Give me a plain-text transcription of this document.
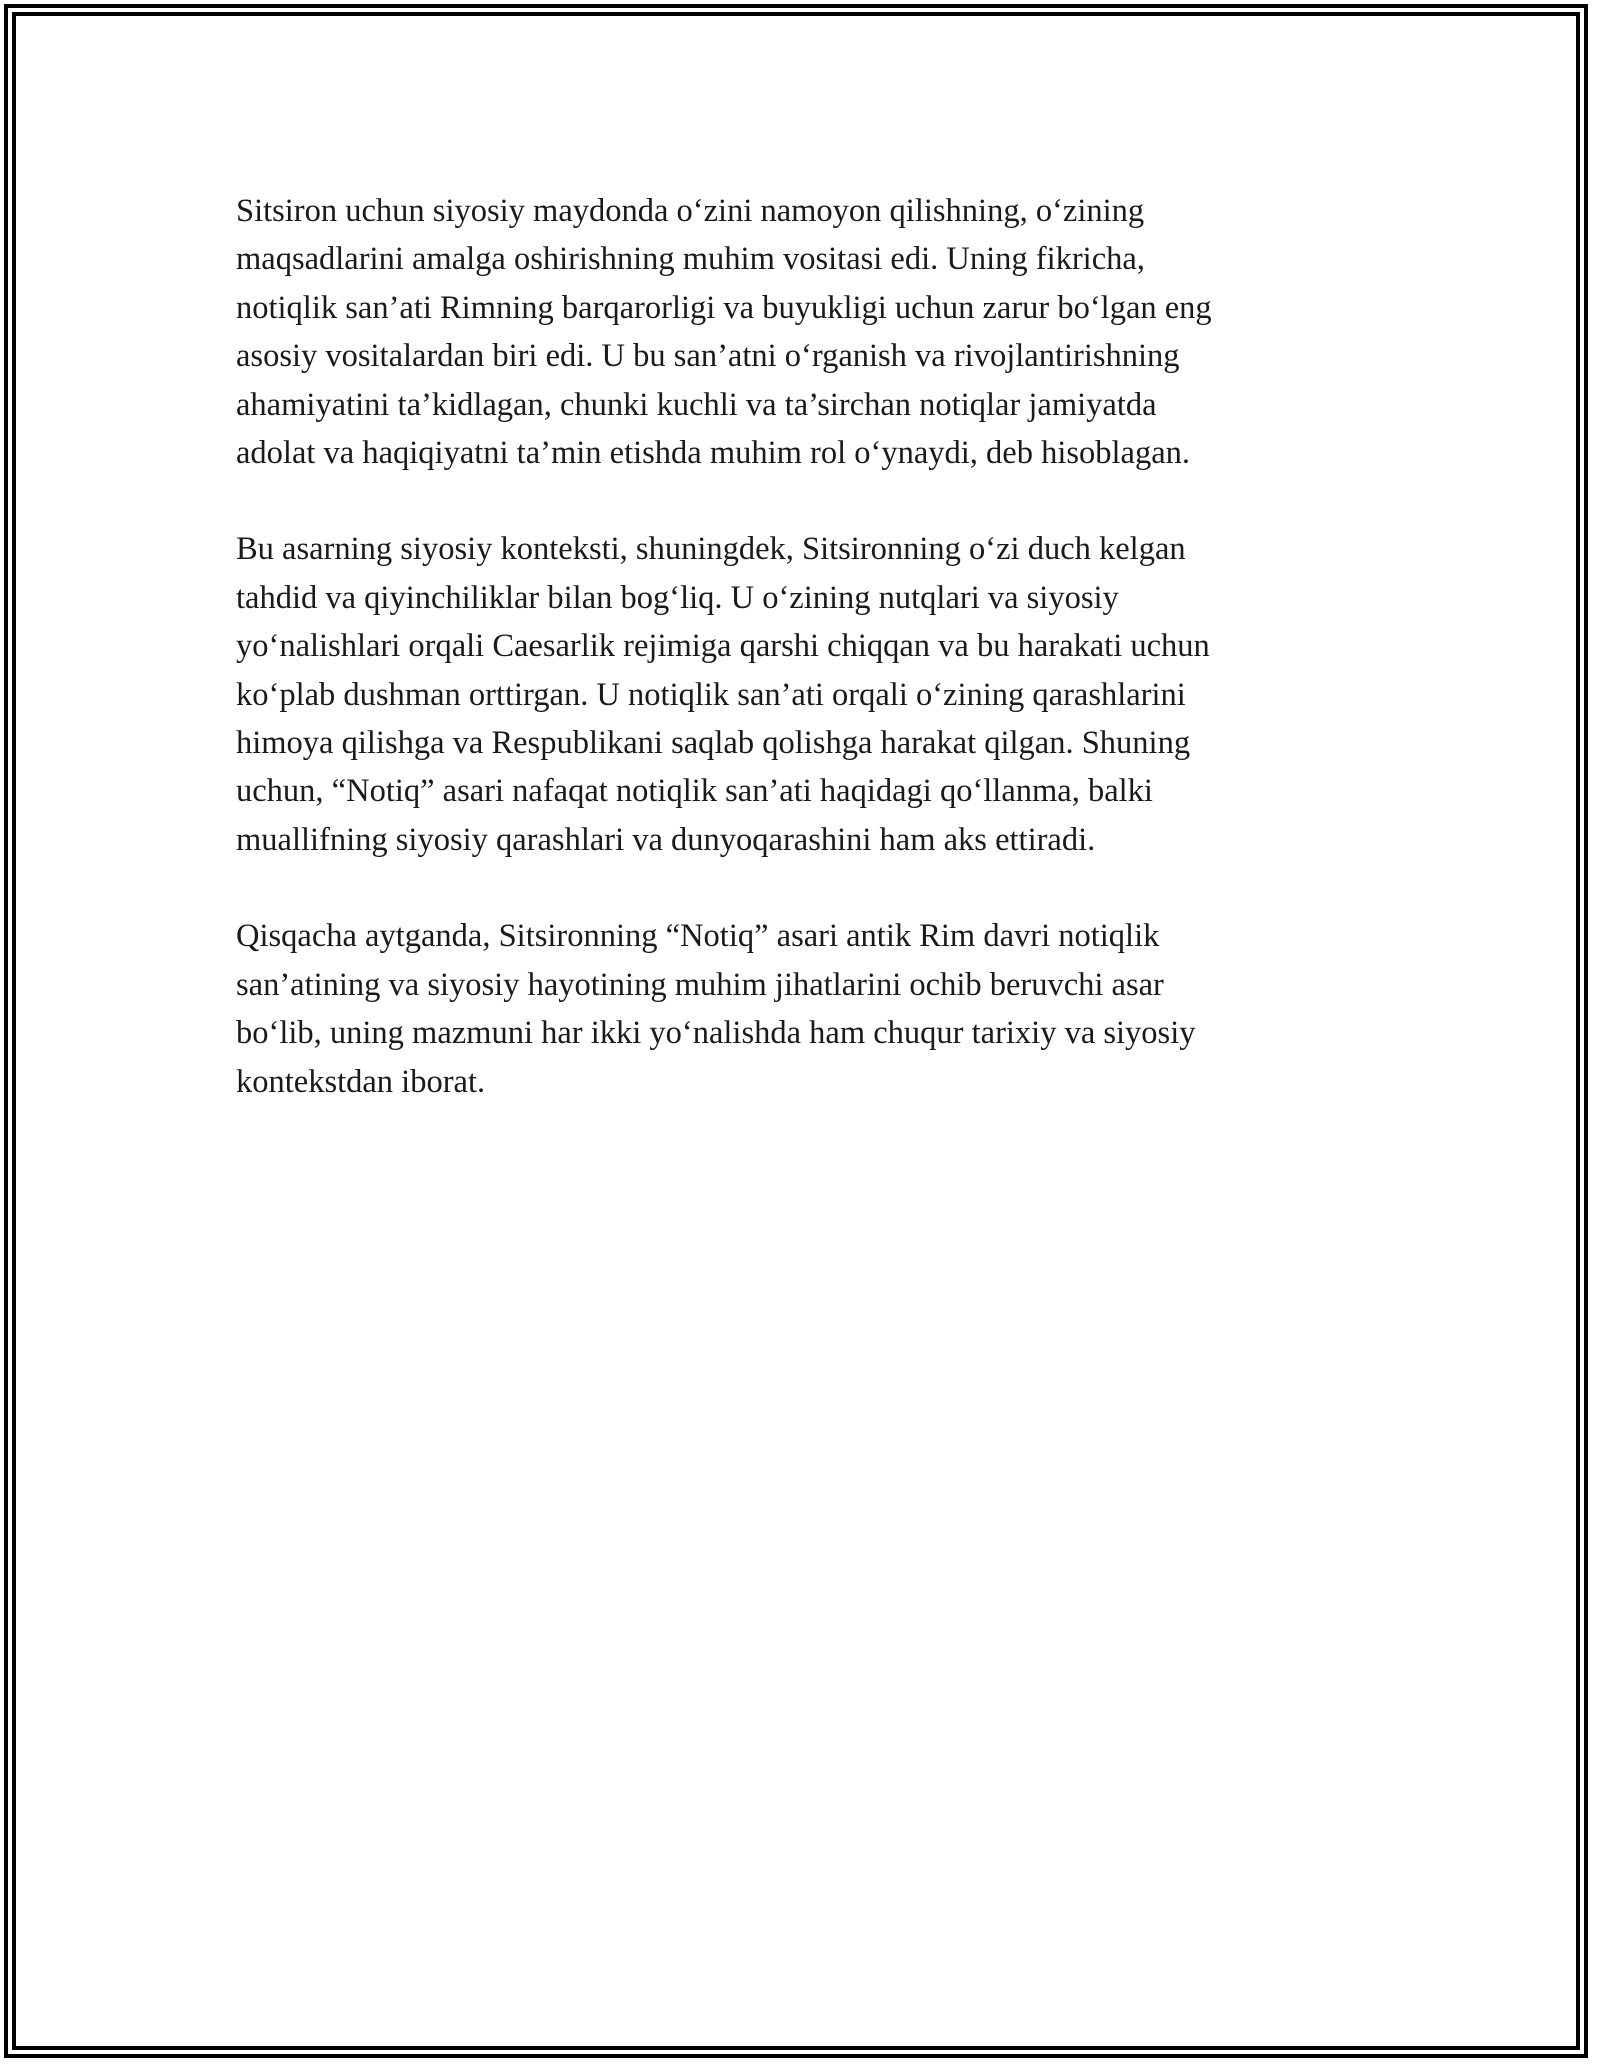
Sitsiron uchun siyosiy maydonda o‘zini namoyon qilishning, o‘zining
maqsadlarini amalga oshirishning muhim vositasi edi. Uning fikricha,
notiqlik san’ati Rimning barqarorligi va buyukligi uchun zarur bo‘lgan eng
asosiy vositalardan biri edi. U bu san’atni o‘rganish va rivojlantirishning
ahamiyatini ta’kidlagan, chunki kuchli va ta’sirchan notiqlar jamiyatda
adolat va haqiqiyatni ta’min etishda muhim rol o‘ynaydi, deb hisoblagan.

Bu asarning siyosiy konteksti, shuningdek, Sitsironning o‘zi duch kelgan
tahdid va qiyinchiliklar bilan bog‘liq. U o‘zining nutqlari va siyosiy
yo‘nalishlari orqali Caesarlik rejimiga qarshi chiqqan va bu harakati uchun
ko‘plab dushman orttirgan. U notiqlik san’ati orqali o‘zining qarashlarini
himoya qilishga va Respublikani saqlab qolishga harakat qilgan. Shuning
uchun, “Notiq” asari nafaqat notiqlik san’ati haqidagi qo‘llanma, balki
muallifning siyosiy qarashlari va dunyoqarashini ham aks ettiradi.

Qisqacha aytganda, Sitsironning “Notiq” asari antik Rim davri notiqlik
san’atining va siyosiy hayotining muhim jihatlarini ochib beruvchi asar
bo‘lib, uning mazmuni har ikki yo‘nalishda ham chuqur tarixiy va siyosiy
kontekstdan iborat.
